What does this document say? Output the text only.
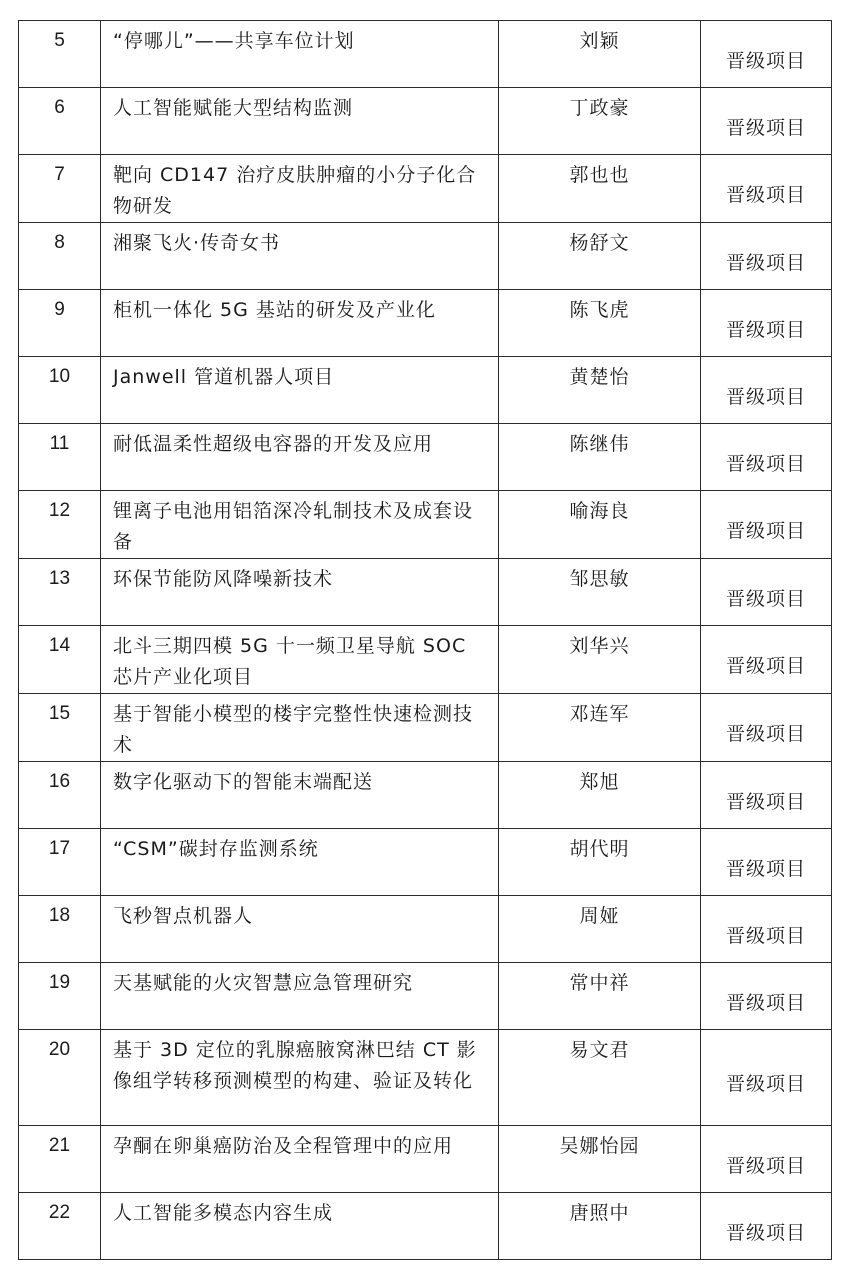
5	“停哪儿”——共享车位计划	刘颖	晋级项目
6	人工智能赋能大型结构监测	丁政豪	晋级项目
7	靶向 CD147 治疗皮肤肿瘤的小分子化合物研发	郭也也	晋级项目
8	湘聚飞火·传奇女书	杨舒文	晋级项目
9	柜机一体化 5G 基站的研发及产业化	陈飞虎	晋级项目
10	Janwell 管道机器人项目	黄楚怡	晋级项目
11	耐低温柔性超级电容器的开发及应用	陈继伟	晋级项目
12	锂离子电池用铝箔深冷轧制技术及成套设备	喻海良	晋级项目
13	环保节能防风降噪新技术	邹思敏	晋级项目
14	北斗三期四模 5G 十一频卫星导航 SOC 芯片产业化项目	刘华兴	晋级项目
15	基于智能小模型的楼宇完整性快速检测技术	邓连军	晋级项目
16	数字化驱动下的智能末端配送	郑旭	晋级项目
17	“CSM”碳封存监测系统	胡代明	晋级项目
18	飞秒智点机器人	周娅	晋级项目
19	天基赋能的火灾智慧应急管理研究	常中祥	晋级项目
20	基于 3D 定位的乳腺癌腋窝淋巴结 CT 影像组学转移预测模型的构建、验证及转化	易文君	晋级项目
21	孕酮在卵巢癌防治及全程管理中的应用	吴娜怡园	晋级项目
22	人工智能多模态内容生成	唐照中	晋级项目
